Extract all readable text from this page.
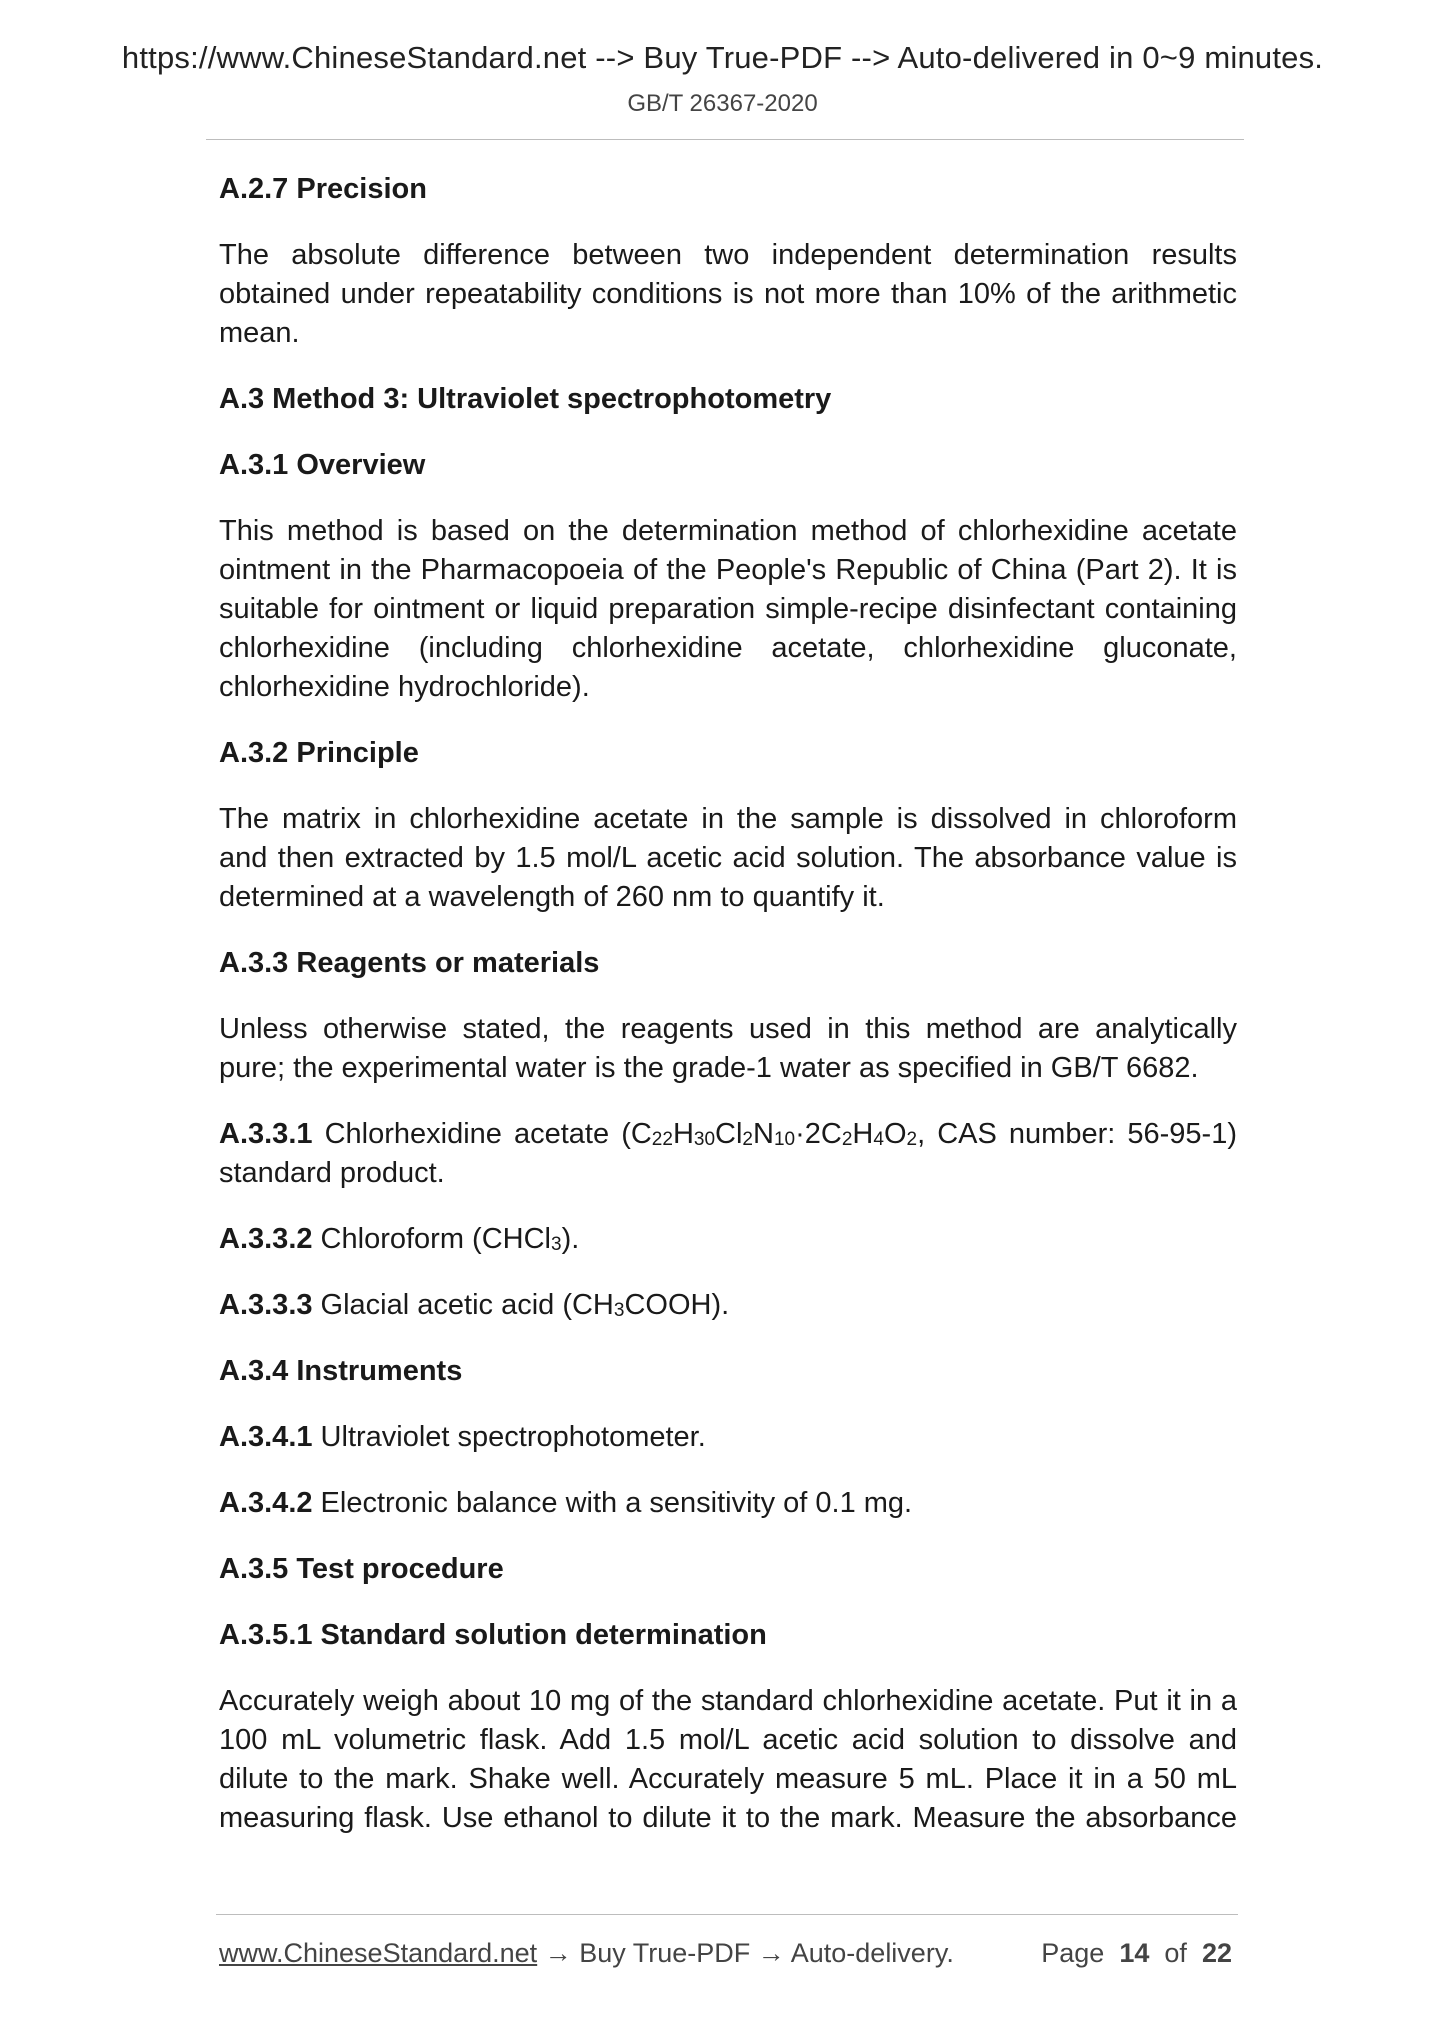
https://www.ChineseStandard.net --> Buy True-PDF --> Auto-delivered in 0~9 minutes.
GB/T 26367-2020
A.2.7 Precision
The absolute difference between two independent determination results obtained under repeatability conditions is not more than 10% of the arithmetic mean.
A.3 Method 3: Ultraviolet spectrophotometry
A.3.1 Overview
This method is based on the determination method of chlorhexidine acetate ointment in the Pharmacopoeia of the People's Republic of China (Part 2). It is suitable for ointment or liquid preparation simple-recipe disinfectant containing chlorhexidine (including chlorhexidine acetate, chlorhexidine gluconate, chlorhexidine hydrochloride).
A.3.2 Principle
The matrix in chlorhexidine acetate in the sample is dissolved in chloroform and then extracted by 1.5 mol/L acetic acid solution. The absorbance value is determined at a wavelength of 260 nm to quantify it.
A.3.3 Reagents or materials
Unless otherwise stated, the reagents used in this method are analytically pure; the experimental water is the grade-1 water as specified in GB/T 6682.
A.3.3.1 Chlorhexidine acetate ($C_{22}H_{30}Cl_2N_{10}\cdot 2C_2H_4O_2$, CAS number: 56-95-1) standard product.
A.3.3.2 Chloroform (CHCl$_3$).
A.3.3.3 Glacial acetic acid $(CH_3COOH)$.
A.3.4 Instruments
A.3.4.1 Ultraviolet spectrophotometer.
A.3.4.2 Electronic balance with a sensitivity of 0.1 mg.
A.3.5 Test procedure
A.3.5.1 Standard solution determination
Accurately weigh about 10 mg of the standard chlorhexidine acetate. Put it in a 100 mL volumetric flask. Add 1.5 mol/L acetic acid solution to dissolve and dilute to the mark. Shake well. Accurately measure 5 mL. Place it in a 50 mL measuring flask. Use ethanol to dilute it to the mark. Measure the absorbance
www.ChineseStandard.net → Buy True-PDF → Auto-delivery.	Page 14 of 22
